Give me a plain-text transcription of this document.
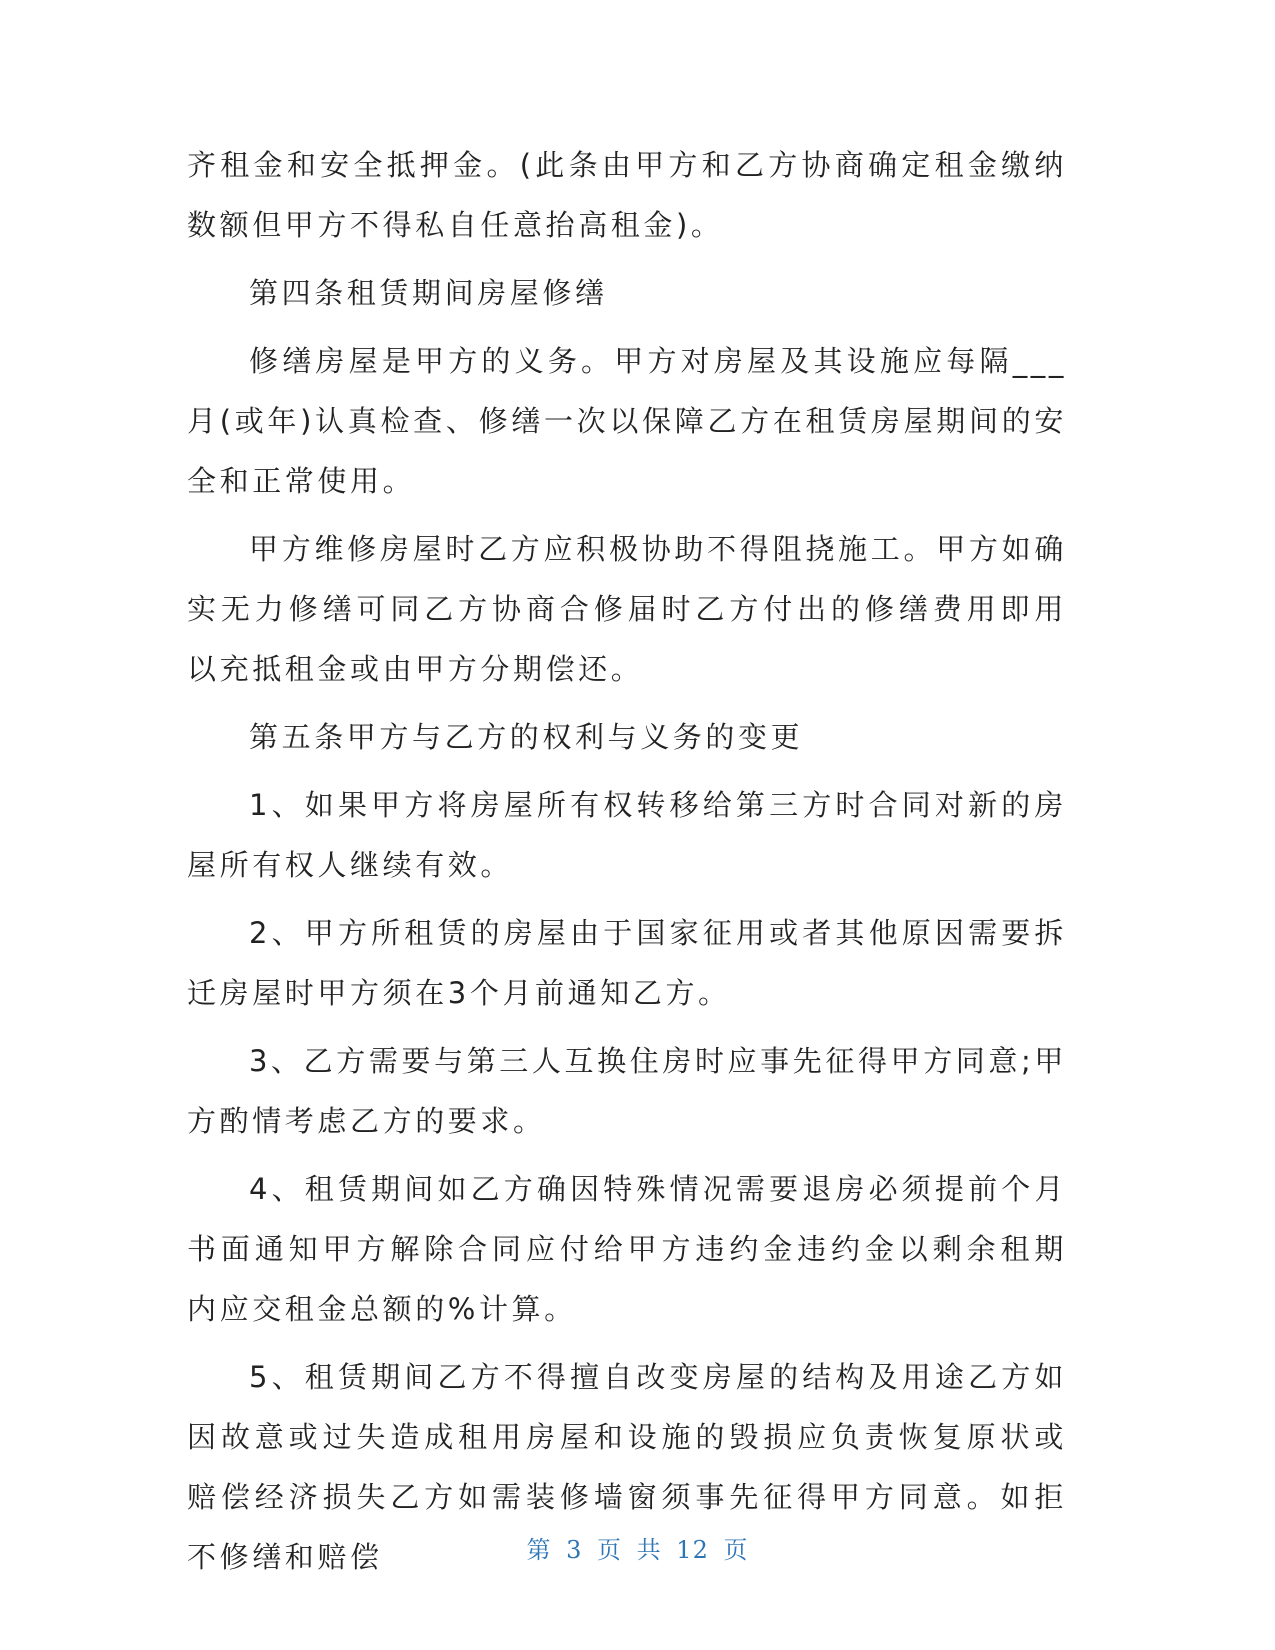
齐租金和安全抵押金。(此条由甲方和乙方协商确定租金缴纳数额但甲方不得私自任意抬高租金)。

第四条租赁期间房屋修缮

修缮房屋是甲方的义务。甲方对房屋及其设施应每隔___月(或年)认真检查、修缮一次以保障乙方在租赁房屋期间的安全和正常使用。

甲方维修房屋时乙方应积极协助不得阻挠施工。甲方如确实无力修缮可同乙方协商合修届时乙方付出的修缮费用即用以充抵租金或由甲方分期偿还。

第五条甲方与乙方的权利与义务的变更

1、如果甲方将房屋所有权转移给第三方时合同对新的房屋所有权人继续有效。

2、甲方所租赁的房屋由于国家征用或者其他原因需要拆迁房屋时甲方须在3个月前通知乙方。

3、乙方需要与第三人互换住房时应事先征得甲方同意;甲方酌情考虑乙方的要求。

4、租赁期间如乙方确因特殊情况需要退房必须提前个月书面通知甲方解除合同应付给甲方违约金违约金以剩余租期内应交租金总额的%计算。

5、租赁期间乙方不得擅自改变房屋的结构及用途乙方如因故意或过失造成租用房屋和设施的毁损应负责恢复原状或赔偿经济损失乙方如需装修墙窗须事先征得甲方同意。如拒不修缮和赔偿	第 3 页 共 12 页
